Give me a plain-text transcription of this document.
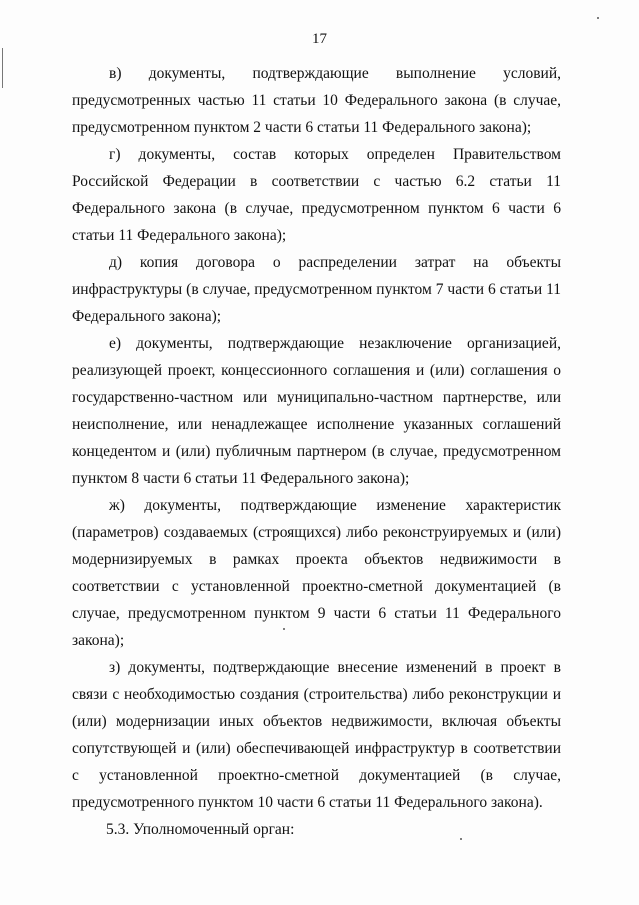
17

в) документы, подтверждающие выполнение условий, предусмотренных частью 11 статьи 10 Федерального закона (в случае, предусмотренном пунктом 2 части 6 статьи 11 Федерального закона);

г) документы, состав которых определен Правительством Российской Федерации в соответствии с частью 6.2 статьи 11 Федерального закона (в случае, предусмотренном пунктом 6 части 6 статьи 11 Федерального закона);

д) копия договора о распределении затрат на объекты инфраструктуры (в случае, предусмотренном пунктом 7 части 6 статьи 11 Федерального закона);

е) документы, подтверждающие незаключение организацией, реализующей проект, концессионного соглашения и (или) соглашения о государственно-частном или муниципально-частном партнерстве, или неисполнение, или ненадлежащее исполнение указанных соглашений концедентом и (или) публичным партнером (в случае, предусмотренном пунктом 8 части 6 статьи 11 Федерального закона);

ж) документы, подтверждающие изменение характеристик (параметров) создаваемых (строящихся) либо реконструируемых и (или) модернизируемых в рамках проекта объектов недвижимости в соответствии с установленной проектно-сметной документацией (в случае, предусмотренном пунктом 9 части 6 статьи 11 Федерального закона);

з) документы, подтверждающие внесение изменений в проект в связи с необходимостью создания (строительства) либо реконструкции и (или) модернизации иных объектов недвижимости, включая объекты сопутствующей и (или) обеспечивающей инфраструктур в соответствии с установленной проектно-сметной документацией (в случае, предусмотренного пунктом 10 части 6 статьи 11 Федерального закона).

5.3. Уполномоченный орган:
